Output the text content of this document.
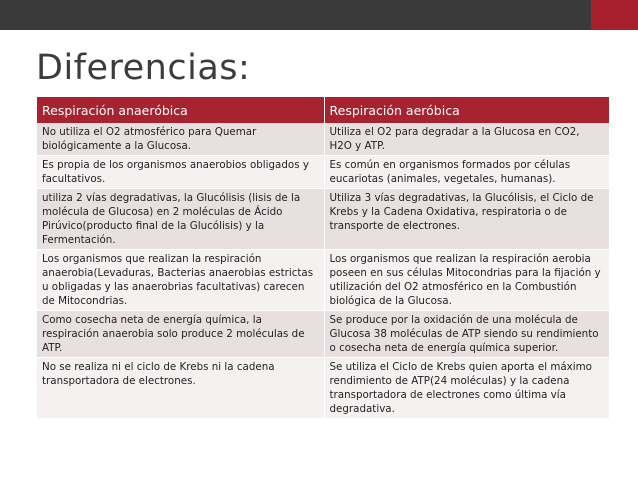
Diferencias:
Respiración anaeróbica	Respiración aeróbica
No utiliza el O2 atmosférico para Quemar biológicamente a la Glucosa.	Utiliza el O2 para degradar a la Glucosa en CO2, H2O y ATP.
Es propia de los organismos anaerobios obligados y facultativos.	Es común en organismos formados por células eucariotas (animales, vegetales, humanas).
utiliza 2 vías degradativas, la Glucólisis (lisis de la molécula de Glucosa) en 2 moléculas de Ácido Pirúvico(producto final de la Glucólisis) y la Fermentación.	Utiliza 3 vías degradativas, la Glucólisis, el Ciclo de Krebs y la Cadena Oxidativa, respiratoria o de transporte de electrones.
Los organismos que realizan la respiración anaerobia(Levaduras, Bacterias anaerobias estrictas u obligadas y las anaerobrias facultativas) carecen de Mitocondrias.	Los organismos que realizan la respiración aerobia poseen en sus células Mitocondrias para la fijación y utilización del O2 atmosférico en la Combustión biológica de la Glucosa.
Como cosecha neta de energía química, la respiración anaerobia solo produce 2 moléculas de ATP.	Se produce por la oxidación de una molécula de Glucosa 38 moléculas de ATP siendo su rendimiento o cosecha neta de energía química superior.
No se realiza ni el ciclo de Krebs ni la cadena transportadora de electrones.	Se utiliza el Ciclo de Krebs quien aporta el máximo rendimiento de ATP(24 moléculas) y la cadena transportadora de electrones como última vía degradativa.
